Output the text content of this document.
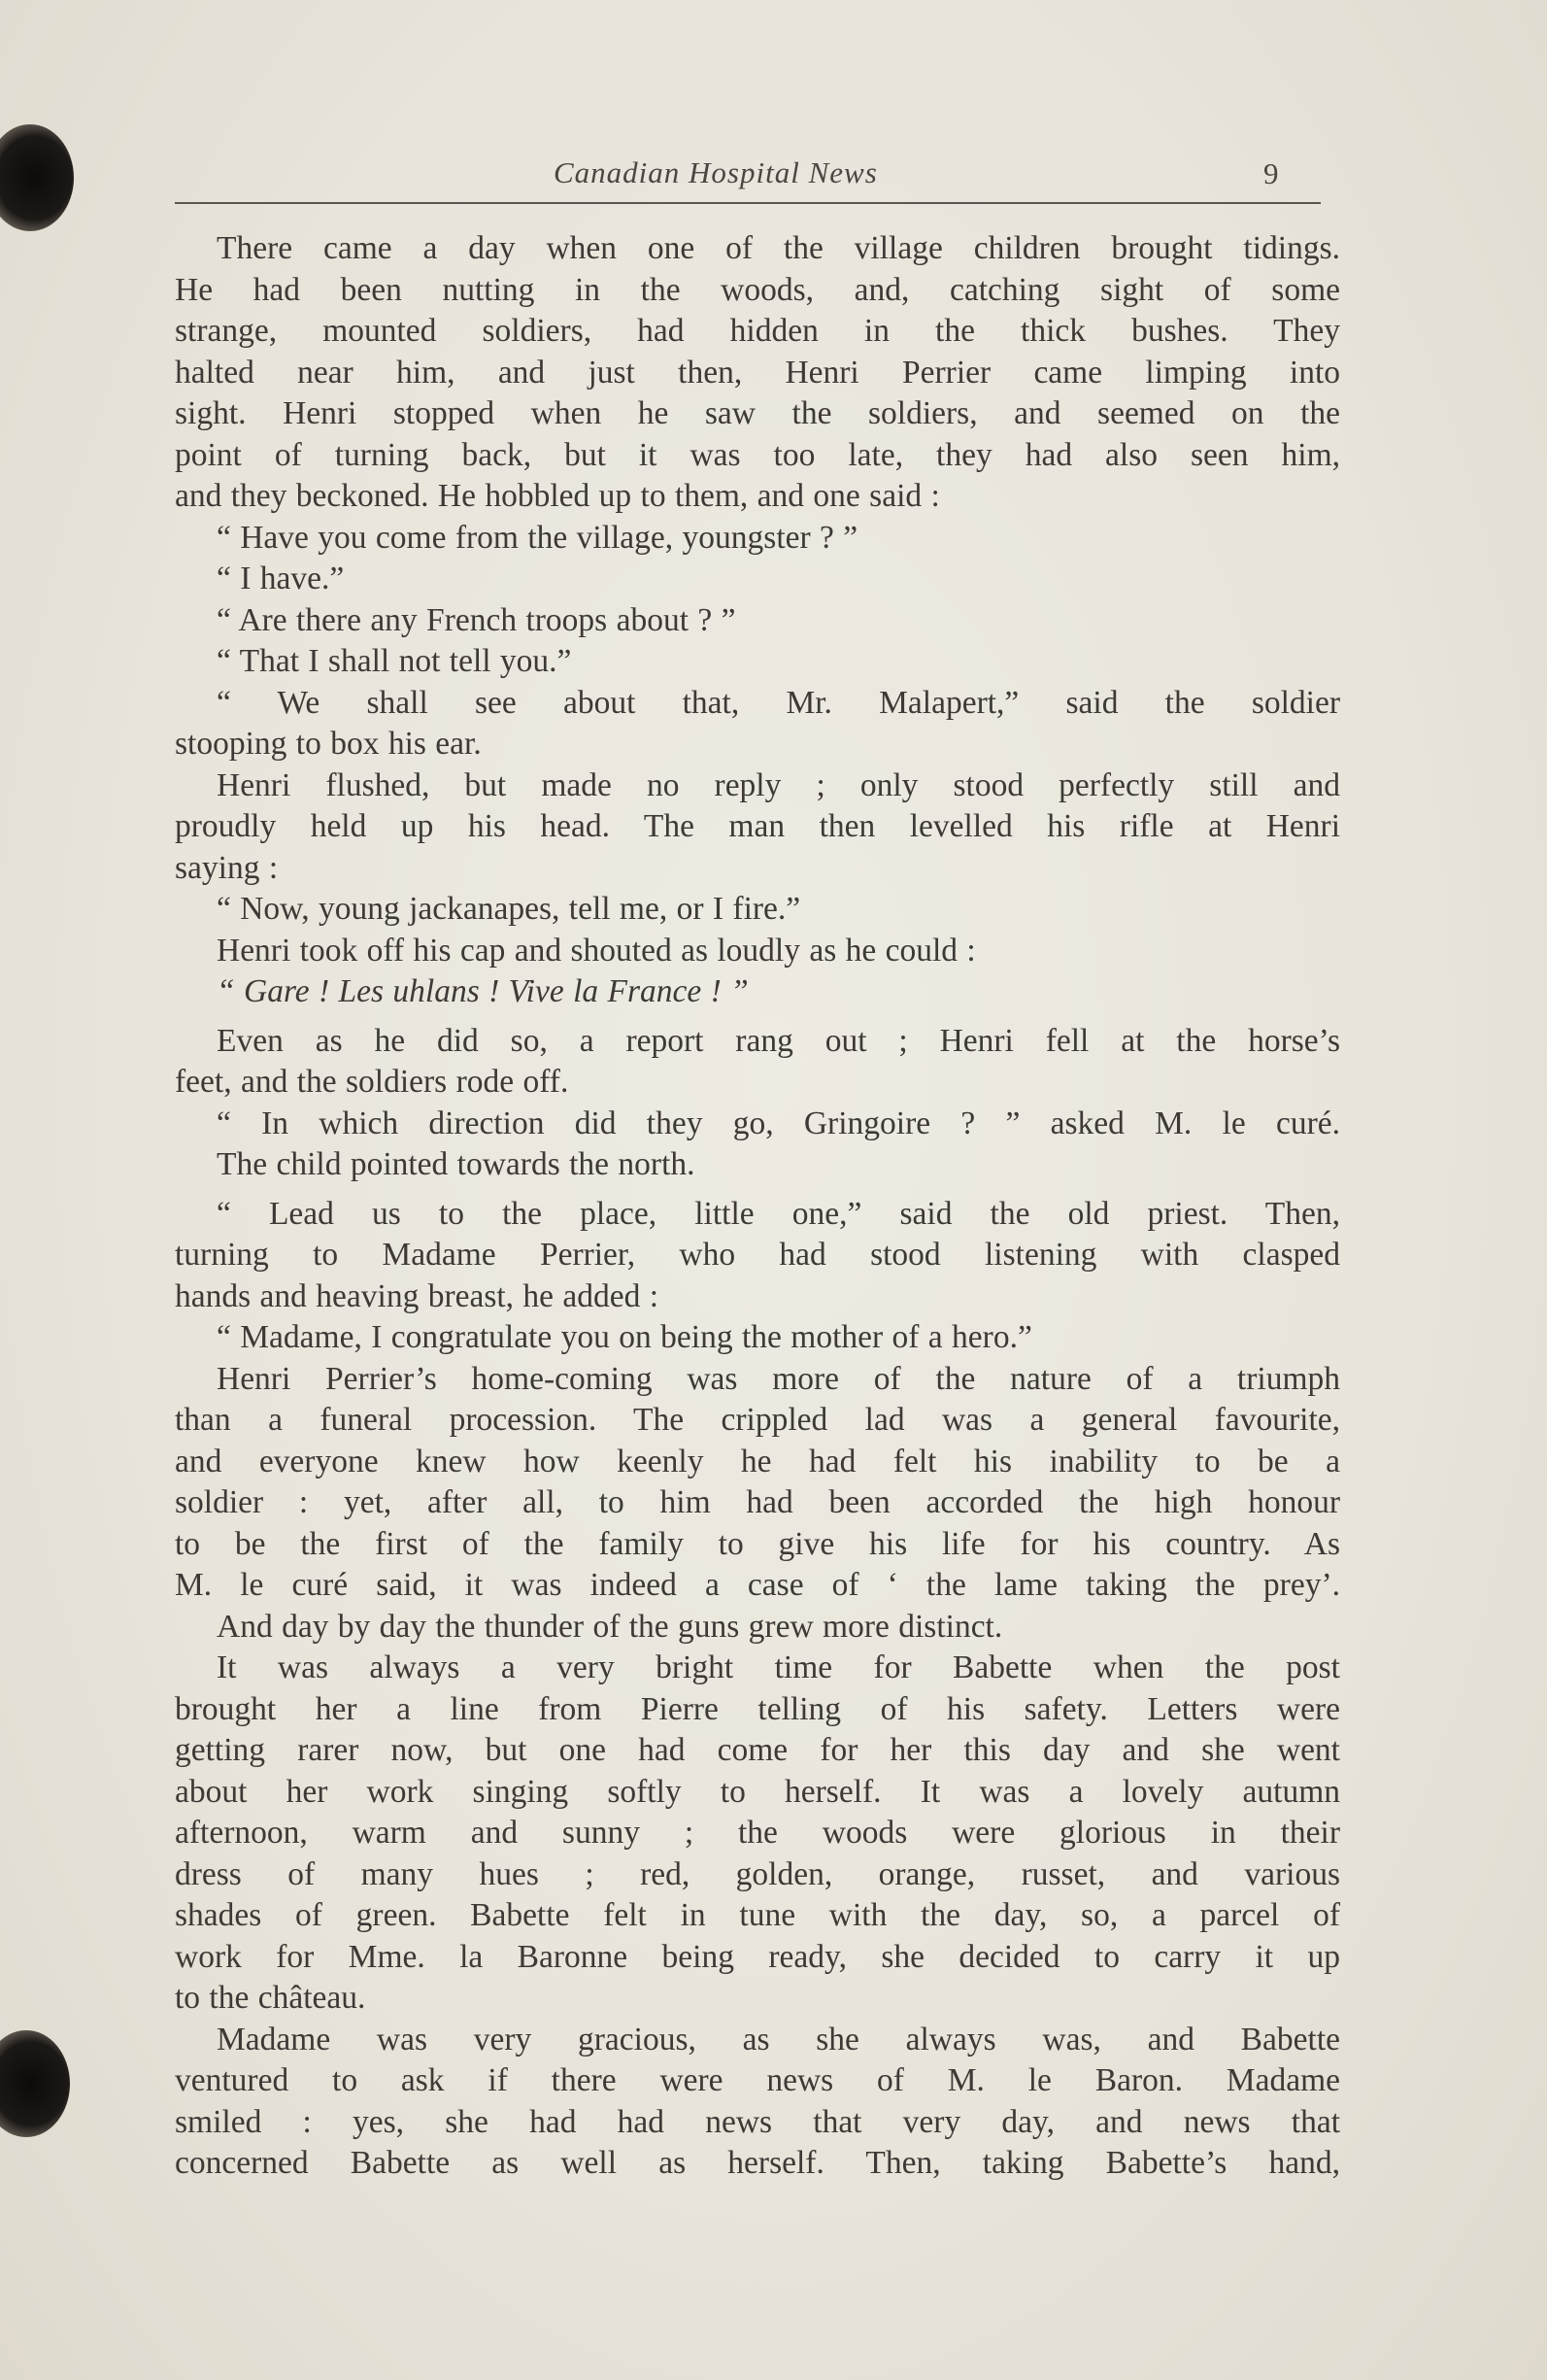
Canadian Hospital News	9
There came a day when one of the village children brought tidings.
He had been nutting in the woods, and, catching sight of some
strange, mounted soldiers, had hidden in the thick bushes. They
halted near him, and just then, Henri Perrier came limping into
sight. Henri stopped when he saw the soldiers, and seemed on the
point of turning back, but it was too late, they had also seen him,
and they beckoned. He hobbled up to them, and one said :
“ Have you come from the village, youngster ? ”
“ I have.”
“ Are there any French troops about ? ”
“ That I shall not tell you.”
“ We shall see about that, Mr. Malapert,” said the soldier
stooping to box his ear.
Henri flushed, but made no reply ; only stood perfectly still and
proudly held up his head. The man then levelled his rifle at Henri
saying :
“ Now, young jackanapes, tell me, or I fire.”
Henri took off his cap and shouted as loudly as he could :
“ Gare ! Les uhlans ! Vive la France ! ”
Even as he did so, a report rang out ; Henri fell at the horse’s
feet, and the soldiers rode off.
“ In which direction did they go, Gringoire ? ” asked M. le curé.
The child pointed towards the north.
“ Lead us to the place, little one,” said the old priest. Then,
turning to Madame Perrier, who had stood listening with clasped
hands and heaving breast, he added :
“ Madame, I congratulate you on being the mother of a hero.”
Henri Perrier’s home-coming was more of the nature of a triumph
than a funeral procession. The crippled lad was a general favourite,
and everyone knew how keenly he had felt his inability to be a
soldier : yet, after all, to him had been accorded the high honour
to be the first of the family to give his life for his country. As
M. le curé said, it was indeed a case of ‘ the lame taking the prey’.
And day by day the thunder of the guns grew more distinct.
It was always a very bright time for Babette when the post
brought her a line from Pierre telling of his safety. Letters were
getting rarer now, but one had come for her this day and she went
about her work singing softly to herself. It was a lovely autumn
afternoon, warm and sunny ; the woods were glorious in their
dress of many hues ; red, golden, orange, russet, and various
shades of green. Babette felt in tune with the day, so, a parcel of
work for Mme. la Baronne being ready, she decided to carry it up
to the château.
Madame was very gracious, as she always was, and Babette
ventured to ask if there were news of M. le Baron. Madame
smiled : yes, she had had news that very day, and news that
concerned Babette as well as herself. Then, taking Babette’s hand,
